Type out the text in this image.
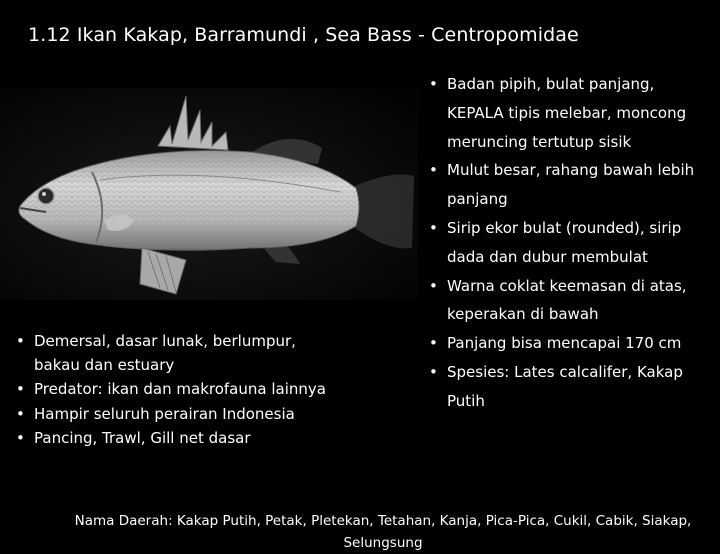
1.12 Ikan Kakap, Barramundi , Sea Bass - Centropomidae
• Demersal, dasar lunak, berlumpur, bakau dan estuary
• Predator: ikan dan makrofauna lainnya
• Hampir seluruh perairan Indonesia
• Pancing, Trawl, Gill net dasar
• Badan pipih, bulat panjang, KEPALA tipis melebar, moncong meruncing tertutup sisik
• Mulut besar, rahang bawah lebih panjang
• Sirip ekor bulat (rounded), sirip dada dan dubur membulat
• Warna coklat keemasan di atas, keperakan di bawah
• Panjang bisa mencapai 170 cm
• Spesies: Lates calcalifer, Kakap Putih
Nama Daerah: Kakap Putih, Petak, Pletekan, Tetahan, Kanja, Pica-Pica, Cukil, Cabik, Siakap, Selungsung
